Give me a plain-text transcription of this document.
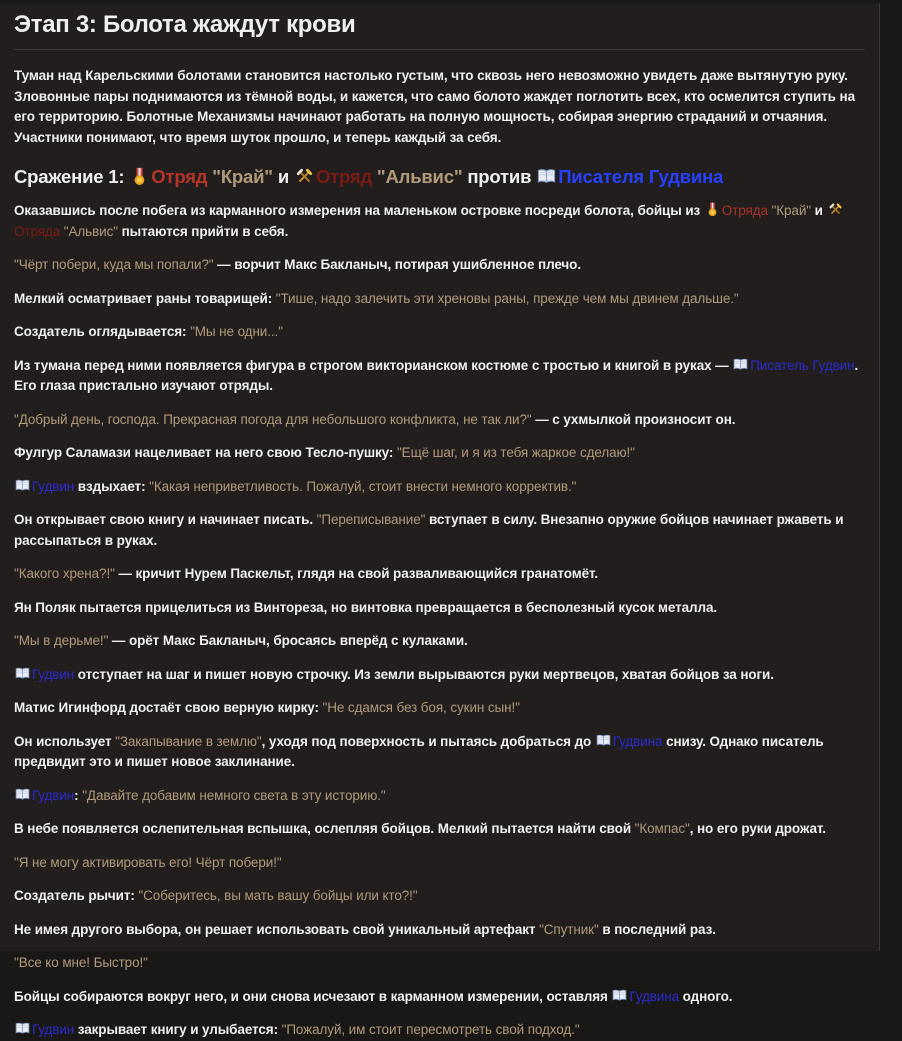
Этап 3: Болота жаждут крови

Туман над Карельскими болотами становится настолько густым, что сквозь него невозможно увидеть даже вытянутую руку. Зловонные пары поднимаются из тёмной воды, и кажется, что само болото жаждет поглотить всех, кто осмелится ступить на его территорию. Болотные Механизмы начинают работать на полную мощность, собирая энергию страданий и отчаяния. Участники понимают, что время шуток прошло, и теперь каждый за себя.

Сражение 1: Отряд "Край" и Отряд "Альвис" против Писателя Гудвина

Оказавшись после побега из карманного измерения на маленьком островке посреди болота, бойцы из Отряда "Край" и Отряда "Альвис" пытаются прийти в себя.

"Чёрт побери, куда мы попали?" — ворчит Макс Бакланыч, потирая ушибленное плечо.

Мелкий осматривает раны товарищей: "Тише, надо залечить эти хреновы раны, прежде чем мы двинем дальше."

Создатель оглядывается: "Мы не одни..."

Из тумана перед ними появляется фигура в строгом викторианском костюме с тростью и книгой в руках — Писатель Гудвин. Его глаза пристально изучают отряды.

"Добрый день, господа. Прекрасная погода для небольшого конфликта, не так ли?" — с ухмылкой произносит он.

Фулгур Саламази нацеливает на него свою Тесло-пушку: "Ещё шаг, и я из тебя жаркое сделаю!"

Гудвин вздыхает: "Какая неприветливость. Пожалуй, стоит внести немного корректив."

Он открывает свою книгу и начинает писать. "Переписывание" вступает в силу. Внезапно оружие бойцов начинает ржаветь и рассыпаться в руках.

"Какого хрена?!" — кричит Нурем Паскельт, глядя на свой разваливающийся гранатомёт.

Ян Поляк пытается прицелиться из Винтореза, но винтовка превращается в бесполезный кусок металла.

"Мы в дерьме!" — орёт Макс Бакланыч, бросаясь вперёд с кулаками.

Гудвин отступает на шаг и пишет новую строчку. Из земли вырываются руки мертвецов, хватая бойцов за ноги.

Матис Игинфорд достаёт свою верную кирку: "Не сдамся без боя, сукин сын!"

Он использует "Закапывание в землю", уходя под поверхность и пытаясь добраться до Гудвина снизу. Однако писатель предвидит это и пишет новое заклинание.

Гудвин: "Давайте добавим немного света в эту историю."

В небе появляется ослепительная вспышка, ослепляя бойцов. Мелкий пытается найти свой "Компас", но его руки дрожат.

"Я не могу активировать его! Чёрт побери!"

Создатель рычит: "Соберитесь, вы мать вашу бойцы или кто?!"

Не имея другого выбора, он решает использовать свой уникальный артефакт "Спутник" в последний раз.

"Все ко мне! Быстро!"

Бойцы собираются вокруг него, и они снова исчезают в карманном измерении, оставляя Гудвина одного.

Гудвин закрывает книгу и улыбается: "Пожалуй, им стоит пересмотреть свой подход."
